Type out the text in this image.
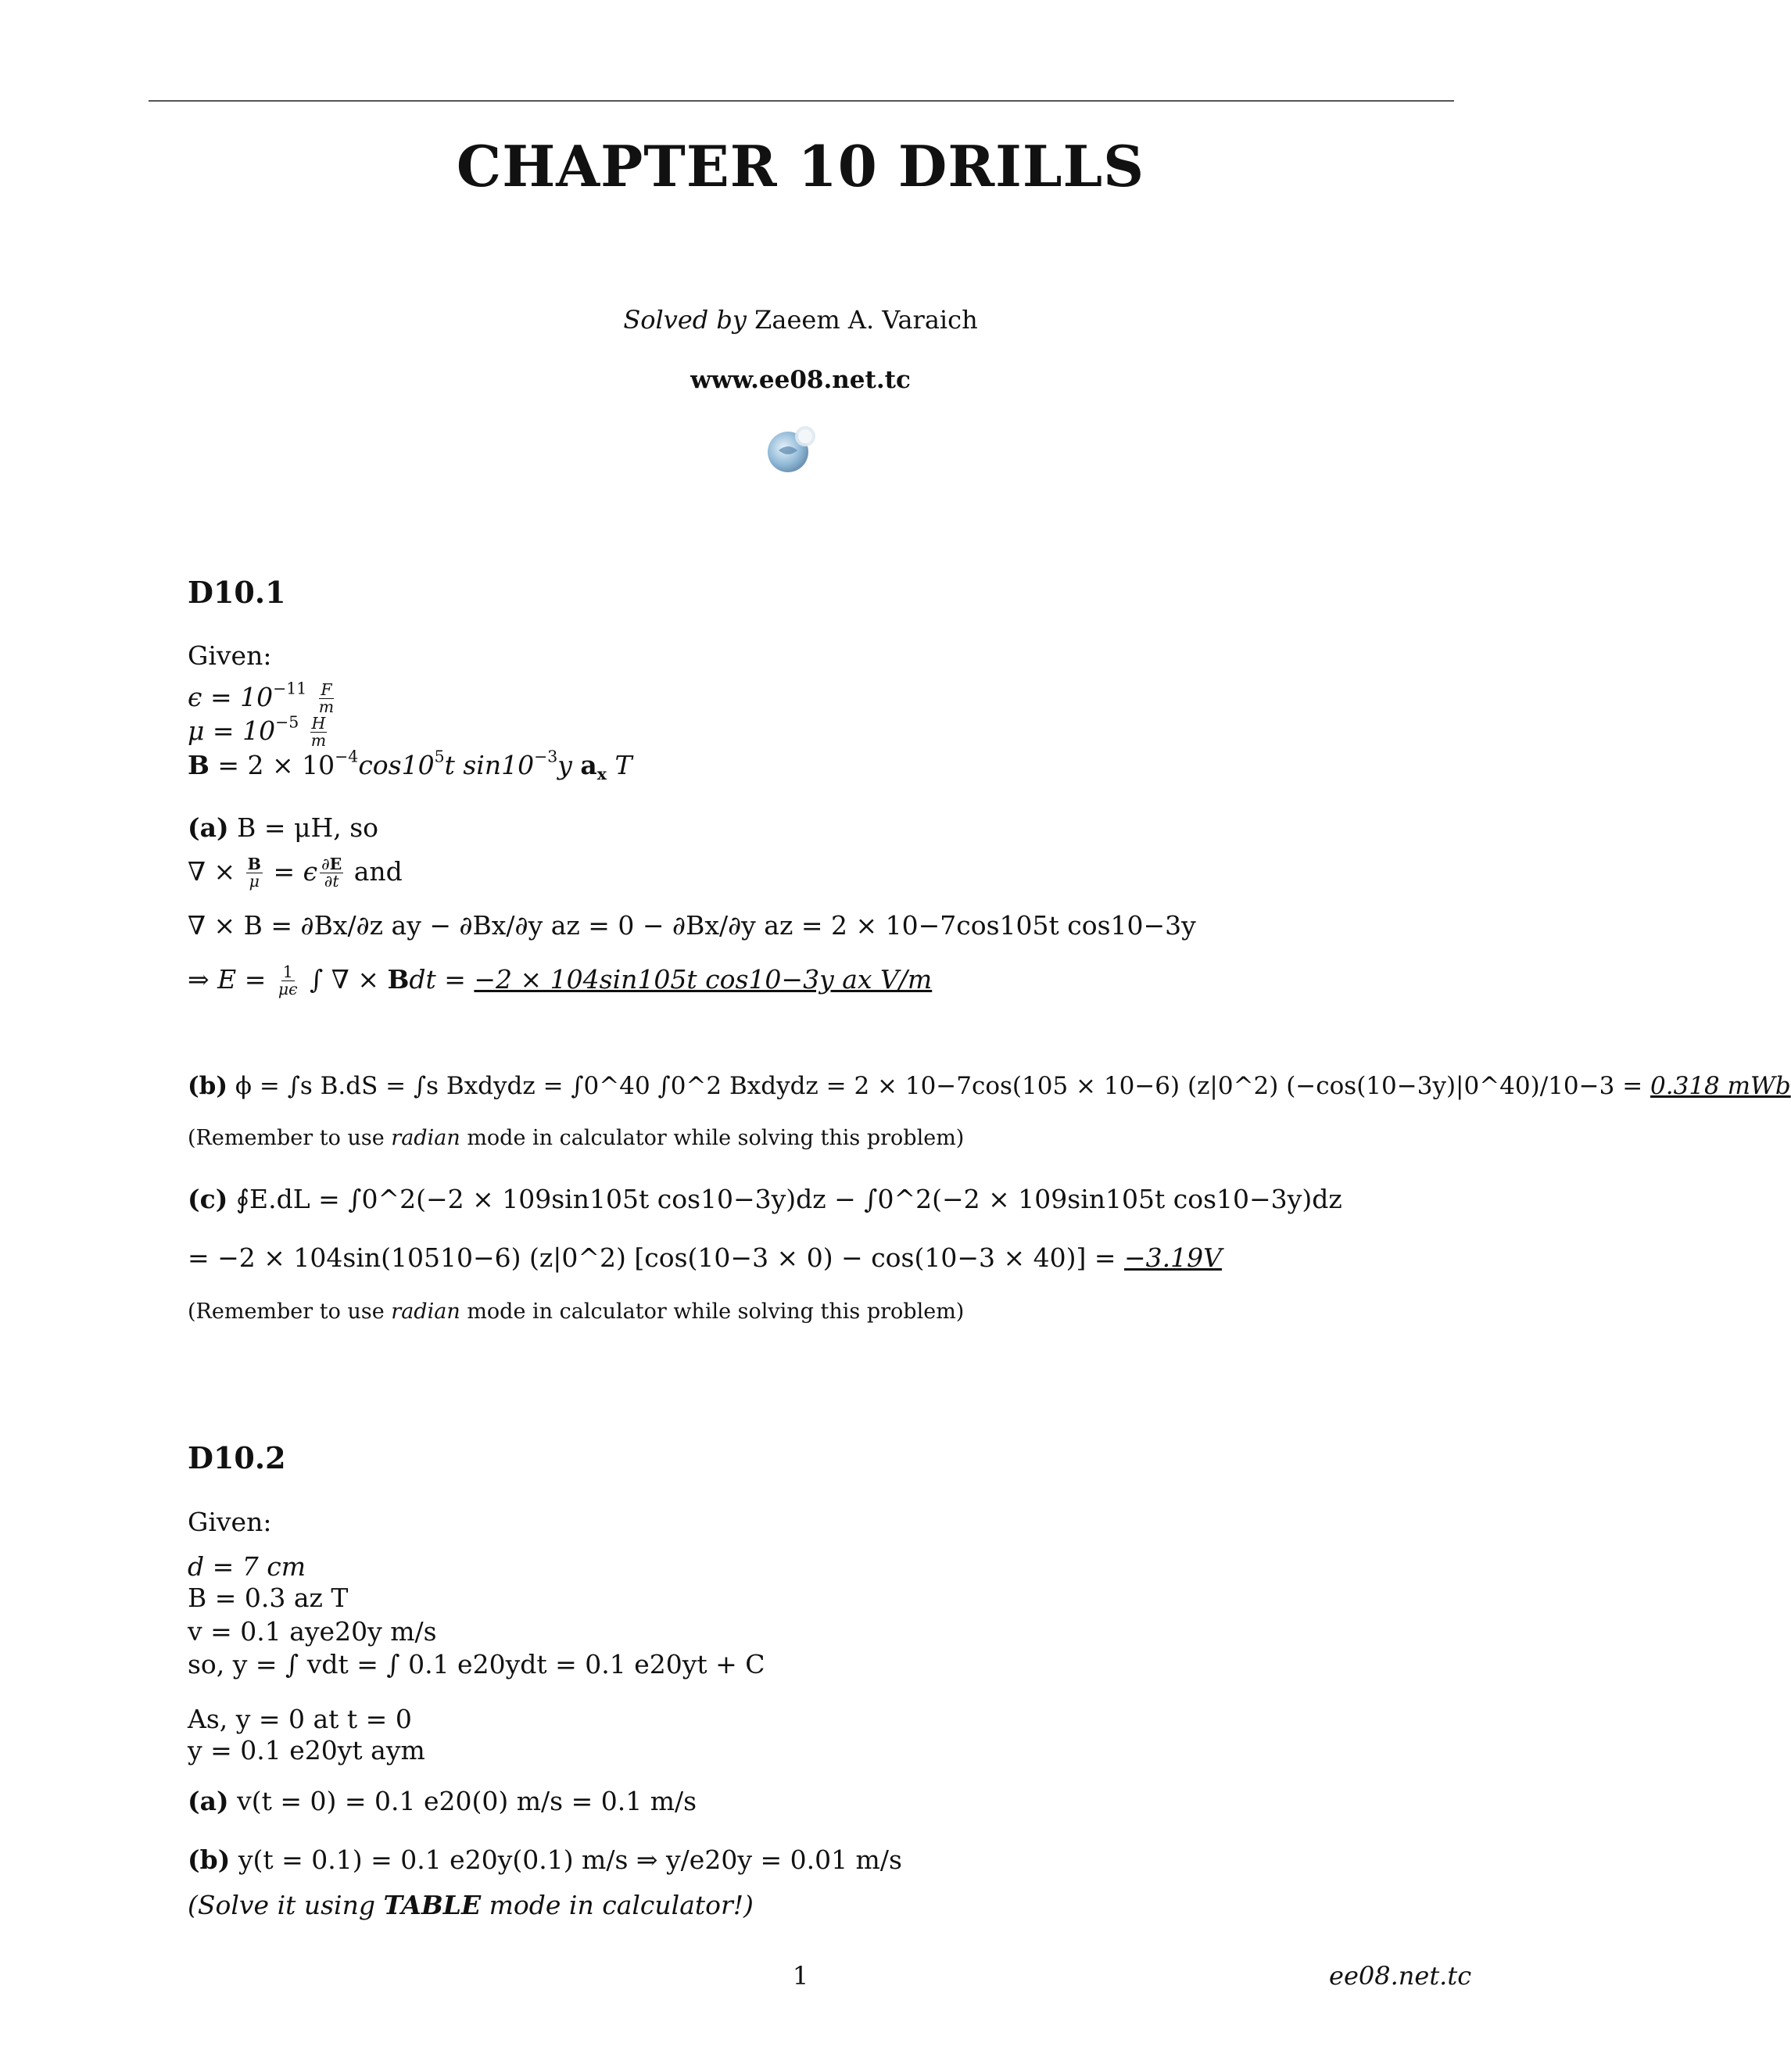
CHAPTER 10 DRILLS
Solved by Zaeem A. Varaich
www.ee08.net.tc
D10.1
Given:
$\epsilon = 10^{-11} \frac{F}{m}$
$\mu = 10^{-5} \frac{H}{m}$
$B = 2 \times 10^{-4}\cos 10^5t$ $\sin 10^{-3}y$ $a_x$ T
(a) B = μH, so
∇ × $\frac{B}{\mu} = \epsilon \frac{\partial E}{\partial t}$ and
∇ × B = ∂Bx/∂z ay − ∂Bx/∂y az = 0 − ∂Bx/∂y az = 2 × 10−7cos105t cos10−3y
⇒ $E = \frac{1}{\mu\epsilon}$ ∫ ∇ × Bdt = −2 × 104sin105t cos10−3y ax V/m
(b) ϕ = ∫s B.dS = ∫s Bxdydz = ∫0^40 ∫0^2 Bxdydz = 2 × 10−7cos(105 × 10−6) (z|0^2) (−cos(10−3y)|0^40)/10−3 = 0.318 mWb
(Remember to use radian mode in calculator while solving this problem)
(c) ∮E.dL = ∫0^2(−2 × 109sin105t cos10−3y)dz − ∫0^2(−2 × 109sin105t cos10−3y)dz
= −2 × 104sin(10510−6) (z|0^2) [cos(10−3 × 0) − cos(10−3 × 40)] = −3.19V
(Remember to use radian mode in calculator while solving this problem)
D10.2
Given:
d = 7 cm
B = 0.3 az T
v = 0.1 aye20y m/s
so, y = ∫ vdt = ∫ 0.1 e20ydt = 0.1 e20yt + C
As, y = 0 at t = 0
y = 0.1 e20yt aym
(a) v(t = 0) = 0.1 e20(0) m/s = 0.1 m/s
(b) y(t = 0.1) = 0.1 e20y(0.1) m/s ⇒ y/e20y = 0.01 m/s
(Solve it using TABLE mode in calculator!)
1	ee08.net.tc
